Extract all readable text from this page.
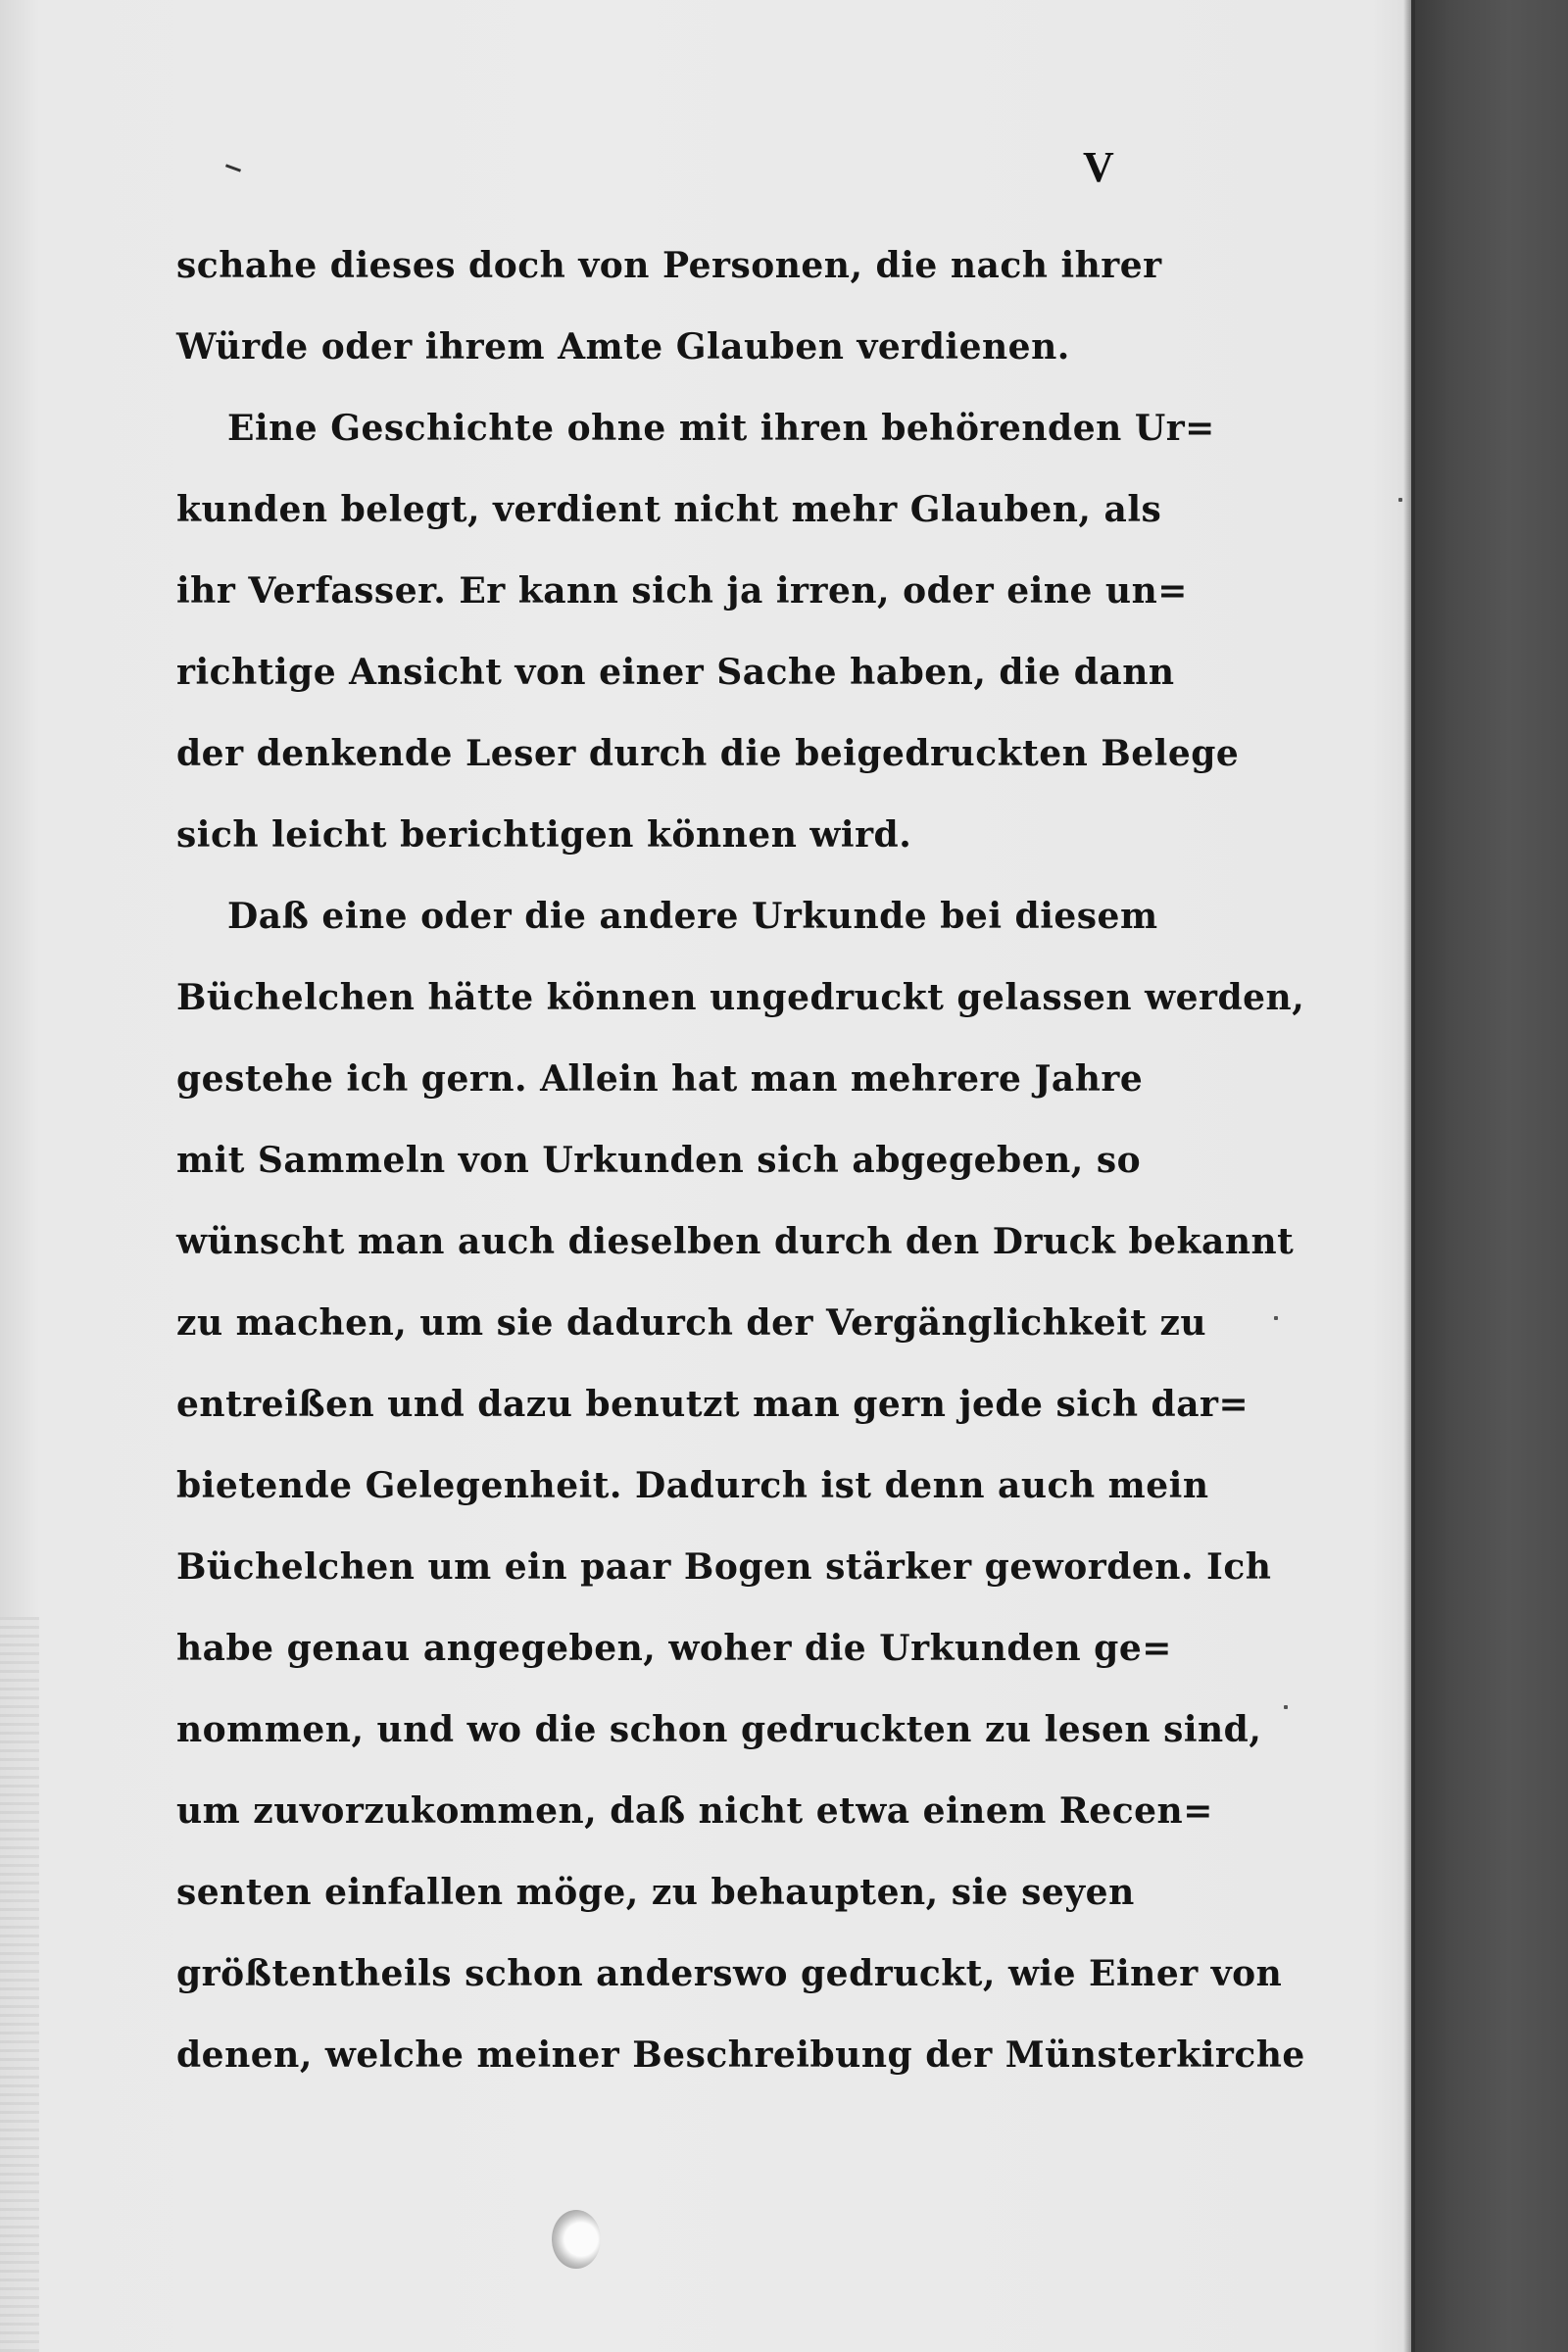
V
schahe dieses doch von Personen, die nach ihrer
Würde oder ihrem Amte Glauben verdienen.
Eine Geschichte ohne mit ihren behörenden Ur=
kunden belegt, verdient nicht mehr Glauben, als
ihr Verfasser. Er kann sich ja irren, oder eine un=
richtige Ansicht von einer Sache haben, die dann
der denkende Leser durch die beigedruckten Belege
sich leicht berichtigen können wird.
Daß eine oder die andere Urkunde bei diesem
Büchelchen hätte können ungedruckt gelassen werden,
gestehe ich gern. Allein hat man mehrere Jahre
mit Sammeln von Urkunden sich abgegeben, so
wünscht man auch dieselben durch den Druck bekannt
zu machen, um sie dadurch der Vergänglichkeit zu
entreißen und dazu benutzt man gern jede sich dar=
bietende Gelegenheit. Dadurch ist denn auch mein
Büchelchen um ein paar Bogen stärker geworden. Ich
habe genau angegeben, woher die Urkunden ge=
nommen, und wo die schon gedruckten zu lesen sind,
um zuvorzukommen, daß nicht etwa einem Recen=
senten einfallen möge, zu behaupten, sie seyen
größtentheils schon anderswo gedruckt, wie Einer von
denen, welche meiner Beschreibung der Münsterkirche
